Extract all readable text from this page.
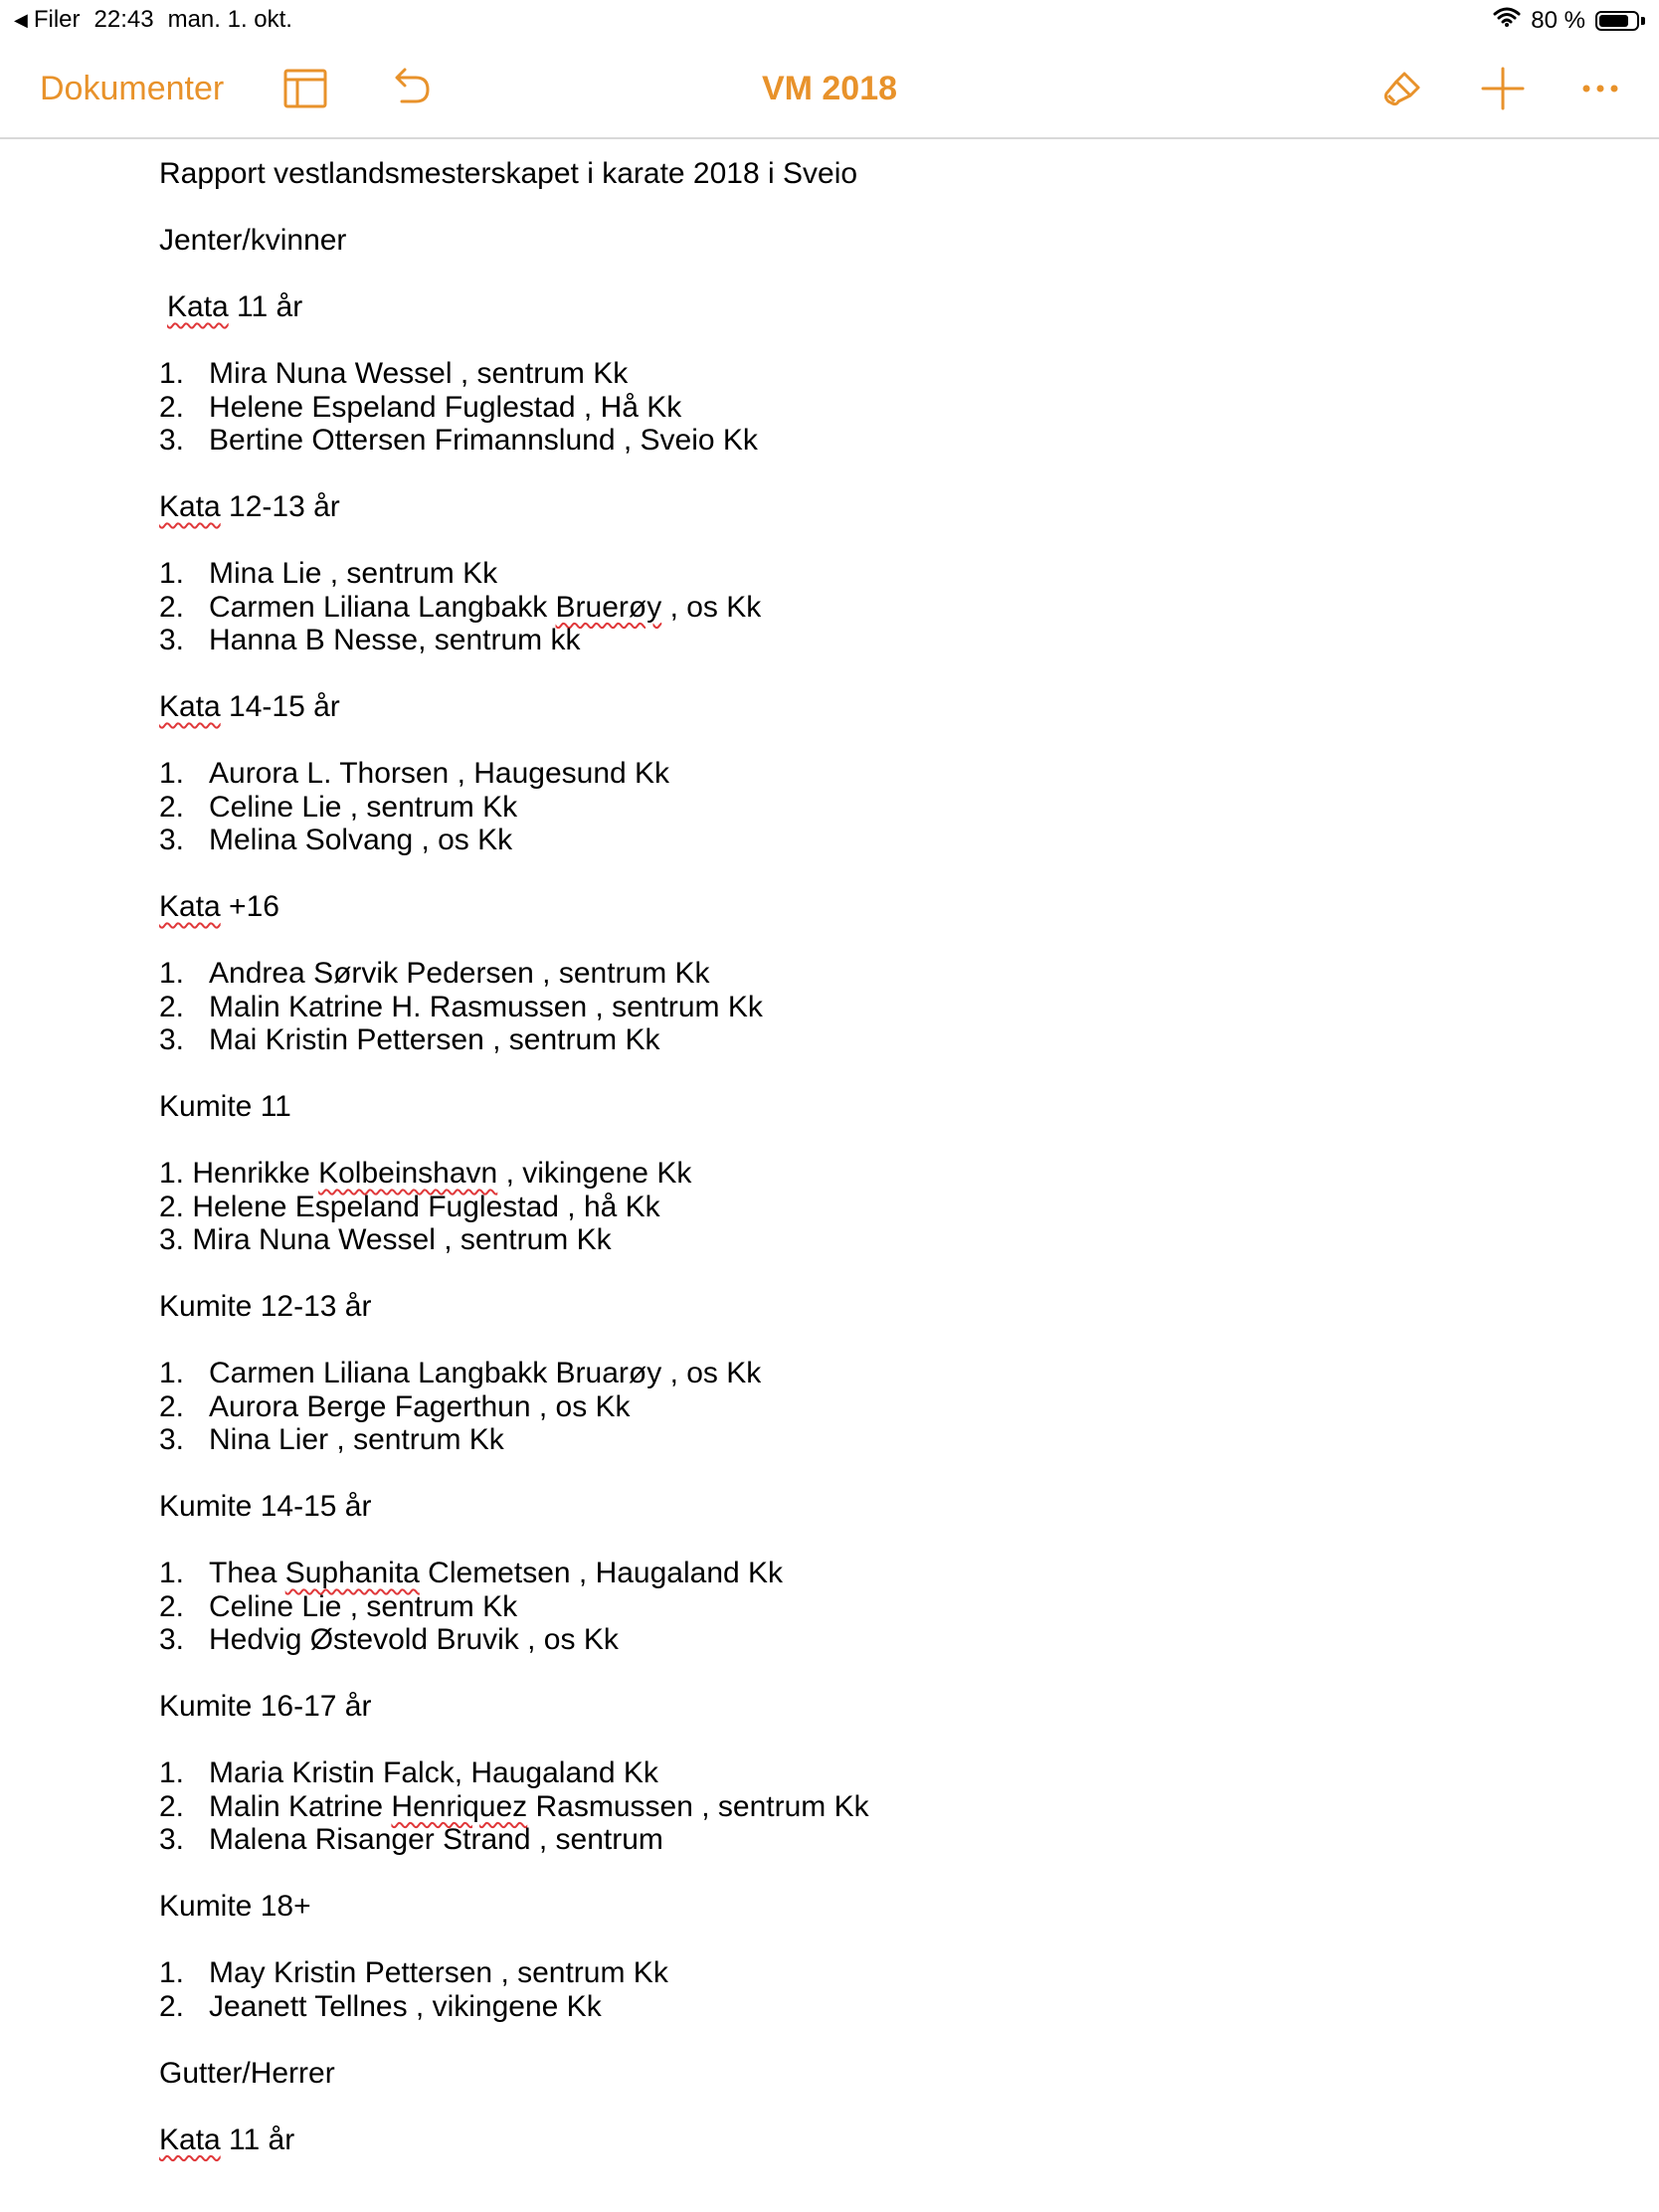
◀ Filer 22:43 man. 1. okt.	80 %
Dokumenter	VM 2018
Rapport vestlandsmesterskapet i karate 2018 i Sveio
Jenter/kvinner
Kata 11 år
1. Mira Nuna Wessel , sentrum Kk
2. Helene Espeland Fuglestad , Hå Kk
3. Bertine Ottersen Frimannslund , Sveio Kk
Kata 12-13 år
1. Mina Lie , sentrum Kk
2. Carmen Liliana Langbakk Bruerøy , os Kk
3. Hanna B Nesse, sentrum kk
Kata 14-15 år
1. Aurora L. Thorsen , Haugesund Kk
2. Celine Lie , sentrum Kk
3. Melina Solvang , os Kk
Kata +16
1. Andrea Sørvik Pedersen , sentrum Kk
2. Malin Katrine H. Rasmussen , sentrum Kk
3. Mai Kristin Pettersen , sentrum Kk
Kumite 11
1. Henrikke Kolbeinshavn , vikingene Kk
2. Helene Espeland Fuglestad , hå Kk
3. Mira Nuna Wessel , sentrum Kk
Kumite 12-13 år
1. Carmen Liliana Langbakk Bruarøy , os Kk
2. Aurora Berge Fagerthun , os Kk
3. Nina Lier , sentrum Kk
Kumite 14-15 år
1. Thea Suphanita Clemetsen , Haugaland Kk
2. Celine Lie , sentrum Kk
3. Hedvig Østevold Bruvik , os Kk
Kumite 16-17 år
1. Maria Kristin Falck, Haugaland Kk
2. Malin Katrine Henriquez Rasmussen , sentrum Kk
3. Malena Risanger Strand , sentrum
Kumite 18+
1. May Kristin Pettersen , sentrum Kk
2. Jeanett Tellnes , vikingene Kk
Gutter/Herrer
Kata 11 år
